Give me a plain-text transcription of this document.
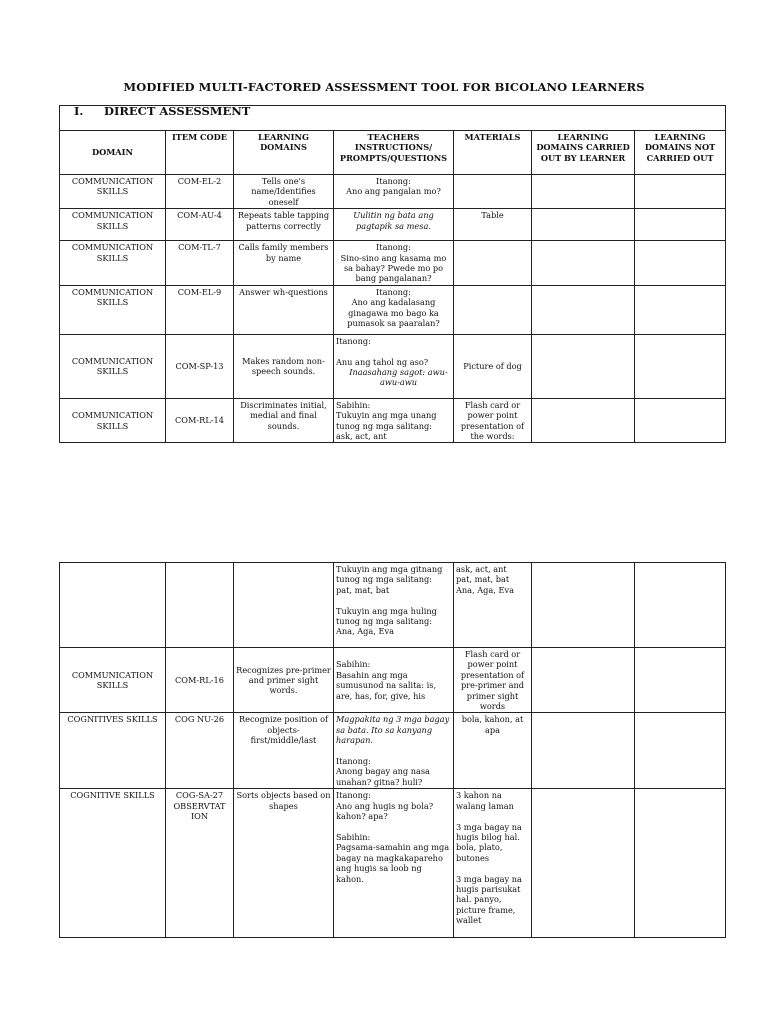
MODIFIED MULTI-FACTORED ASSESSMENT TOOL FOR BICOLANO LEARNERS
I. DIRECT ASSESSMENT						
DOMAIN	ITEM CODE	LEARNING DOMAINS	TEACHERS INSTRUCTIONS/ PROMPTS/QUESTIONS	MATERIALS	LEARNING DOMAINS CARRIED OUT BY LEARNER	LEARNING DOMAINS NOT CARRIED OUT
COMMUNICATION SKILLS	COM-EL-2	Tells one's name/Identifies oneself	Itanong:
Ano ang pangalan mo?			

COMMUNICATION SKILLS	COM-AU-4	Repeats table tapping patterns correctly	Uulitin ng bata ang pagtapik sa mesa.	Table		
COMMUNICATION SKILLS	COM-TL-7	Calls family members by name	Itanong:
Sino-sino ang kasama mo sa bahay? Pwede mo po bang pangalanan?			

COMMUNICATION SKILLS	COM-EL-9	Answer wh-questions	Itanong:
Ano ang kadalasang ginagawa mo bago ka pumasok sa paaralan?			

COMMUNICATION SKILLS	COM-SP-13	Makes random non-speech sounds.	Itanong:

Anu ang tahol ng aso?

Inaasahang sagot: awu-awu-awu	Picture of dog		
COMMUNICATION SKILLS	COM-RL-14	Discriminates initial, medial and final sounds.	Sabihin:
Tukuyin ang mga unang tunog ng mga salitang: ask, act, ant	Flash card or power point presentation of the words:		

			Tukuyin ang mga gitnang tunog ng mga salitang:
pat, mat, bat

Tukuyin ang mga huling tunog ng mga salitang:
Ana, Aga, Eva	ask, act, ant
pat, mat, bat
Ana, Aga, Eva		

COMMUNICATION SKILLS	COM-RL-16	Recognizes pre-primer and primer sight words.	Sabihin:
Basahin ang mga sumusunod na salita: is, are, has, for, give, his	Flash card or power point presentation of pre-primer and primer sight words		
COGNITIVES SKILLS	COG NU-26	Recognize position of objects-
first/middle/last	Magpakita ng 3 mga bagay sa bata. Ito sa kanyang harapan.

Itanong:
Anong bagay ang nasa unahan? gitna? huli?	bola, kahon, at apa		
COGNITIVE SKILLS	COG-SA-27 OBSERVTAT ION	Sorts objects based on shapes	Itanong:
Ano ang hugis ng bola? kahon? apa?

Sabihin:
Pagsama-samahin ang mga bagay na magkakapareho ang hugis sa loob ng kahon.	3 kahon na walang laman

3 mga bagay na hugis bilog hal. bola, plato, butones

3 mga bagay na hugis parisukat hal. panyo, picture frame, wallet		
